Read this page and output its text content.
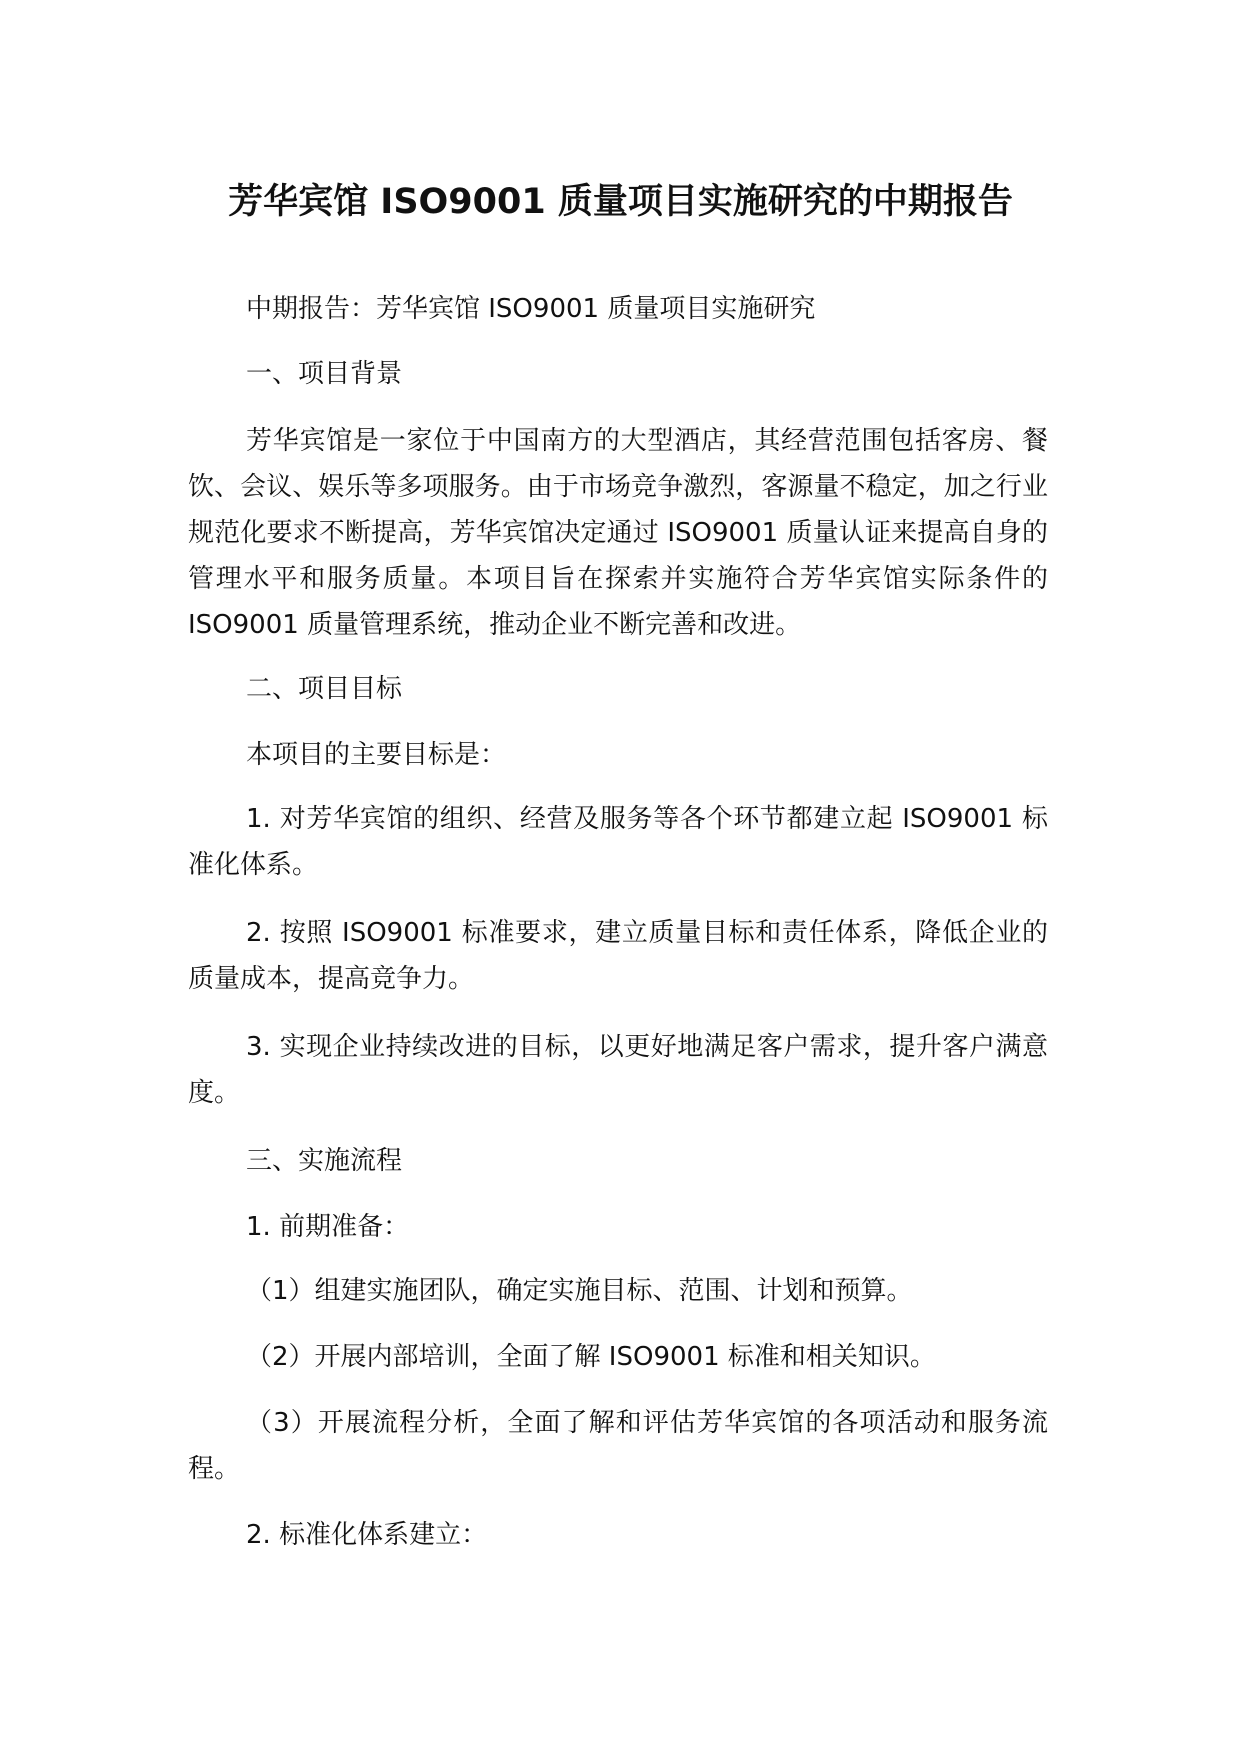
芳华宾馆 ISO9001 质量项目实施研究的中期报告

中期报告：芳华宾馆 ISO9001 质量项目实施研究

一、项目背景

芳华宾馆是一家位于中国南方的大型酒店，其经营范围包括客房、餐饮、会议、娱乐等多项服务。由于市场竞争激烈，客源量不稳定，加之行业规范化要求不断提高，芳华宾馆决定通过 ISO9001 质量认证来提高自身的管理水平和服务质量。本项目旨在探索并实施符合芳华宾馆实际条件的 ISO9001 质量管理系统，推动企业不断完善和改进。

二、项目目标

本项目的主要目标是：

1. 对芳华宾馆的组织、经营及服务等各个环节都建立起 ISO9001 标准化体系。

2. 按照 ISO9001 标准要求，建立质量目标和责任体系，降低企业的质量成本，提高竞争力。

3. 实现企业持续改进的目标，以更好地满足客户需求，提升客户满意度。

三、实施流程

1. 前期准备：

（1）组建实施团队，确定实施目标、范围、计划和预算。

（2）开展内部培训，全面了解 ISO9001 标准和相关知识。

（3）开展流程分析，全面了解和评估芳华宾馆的各项活动和服务流程。

2. 标准化体系建立：
